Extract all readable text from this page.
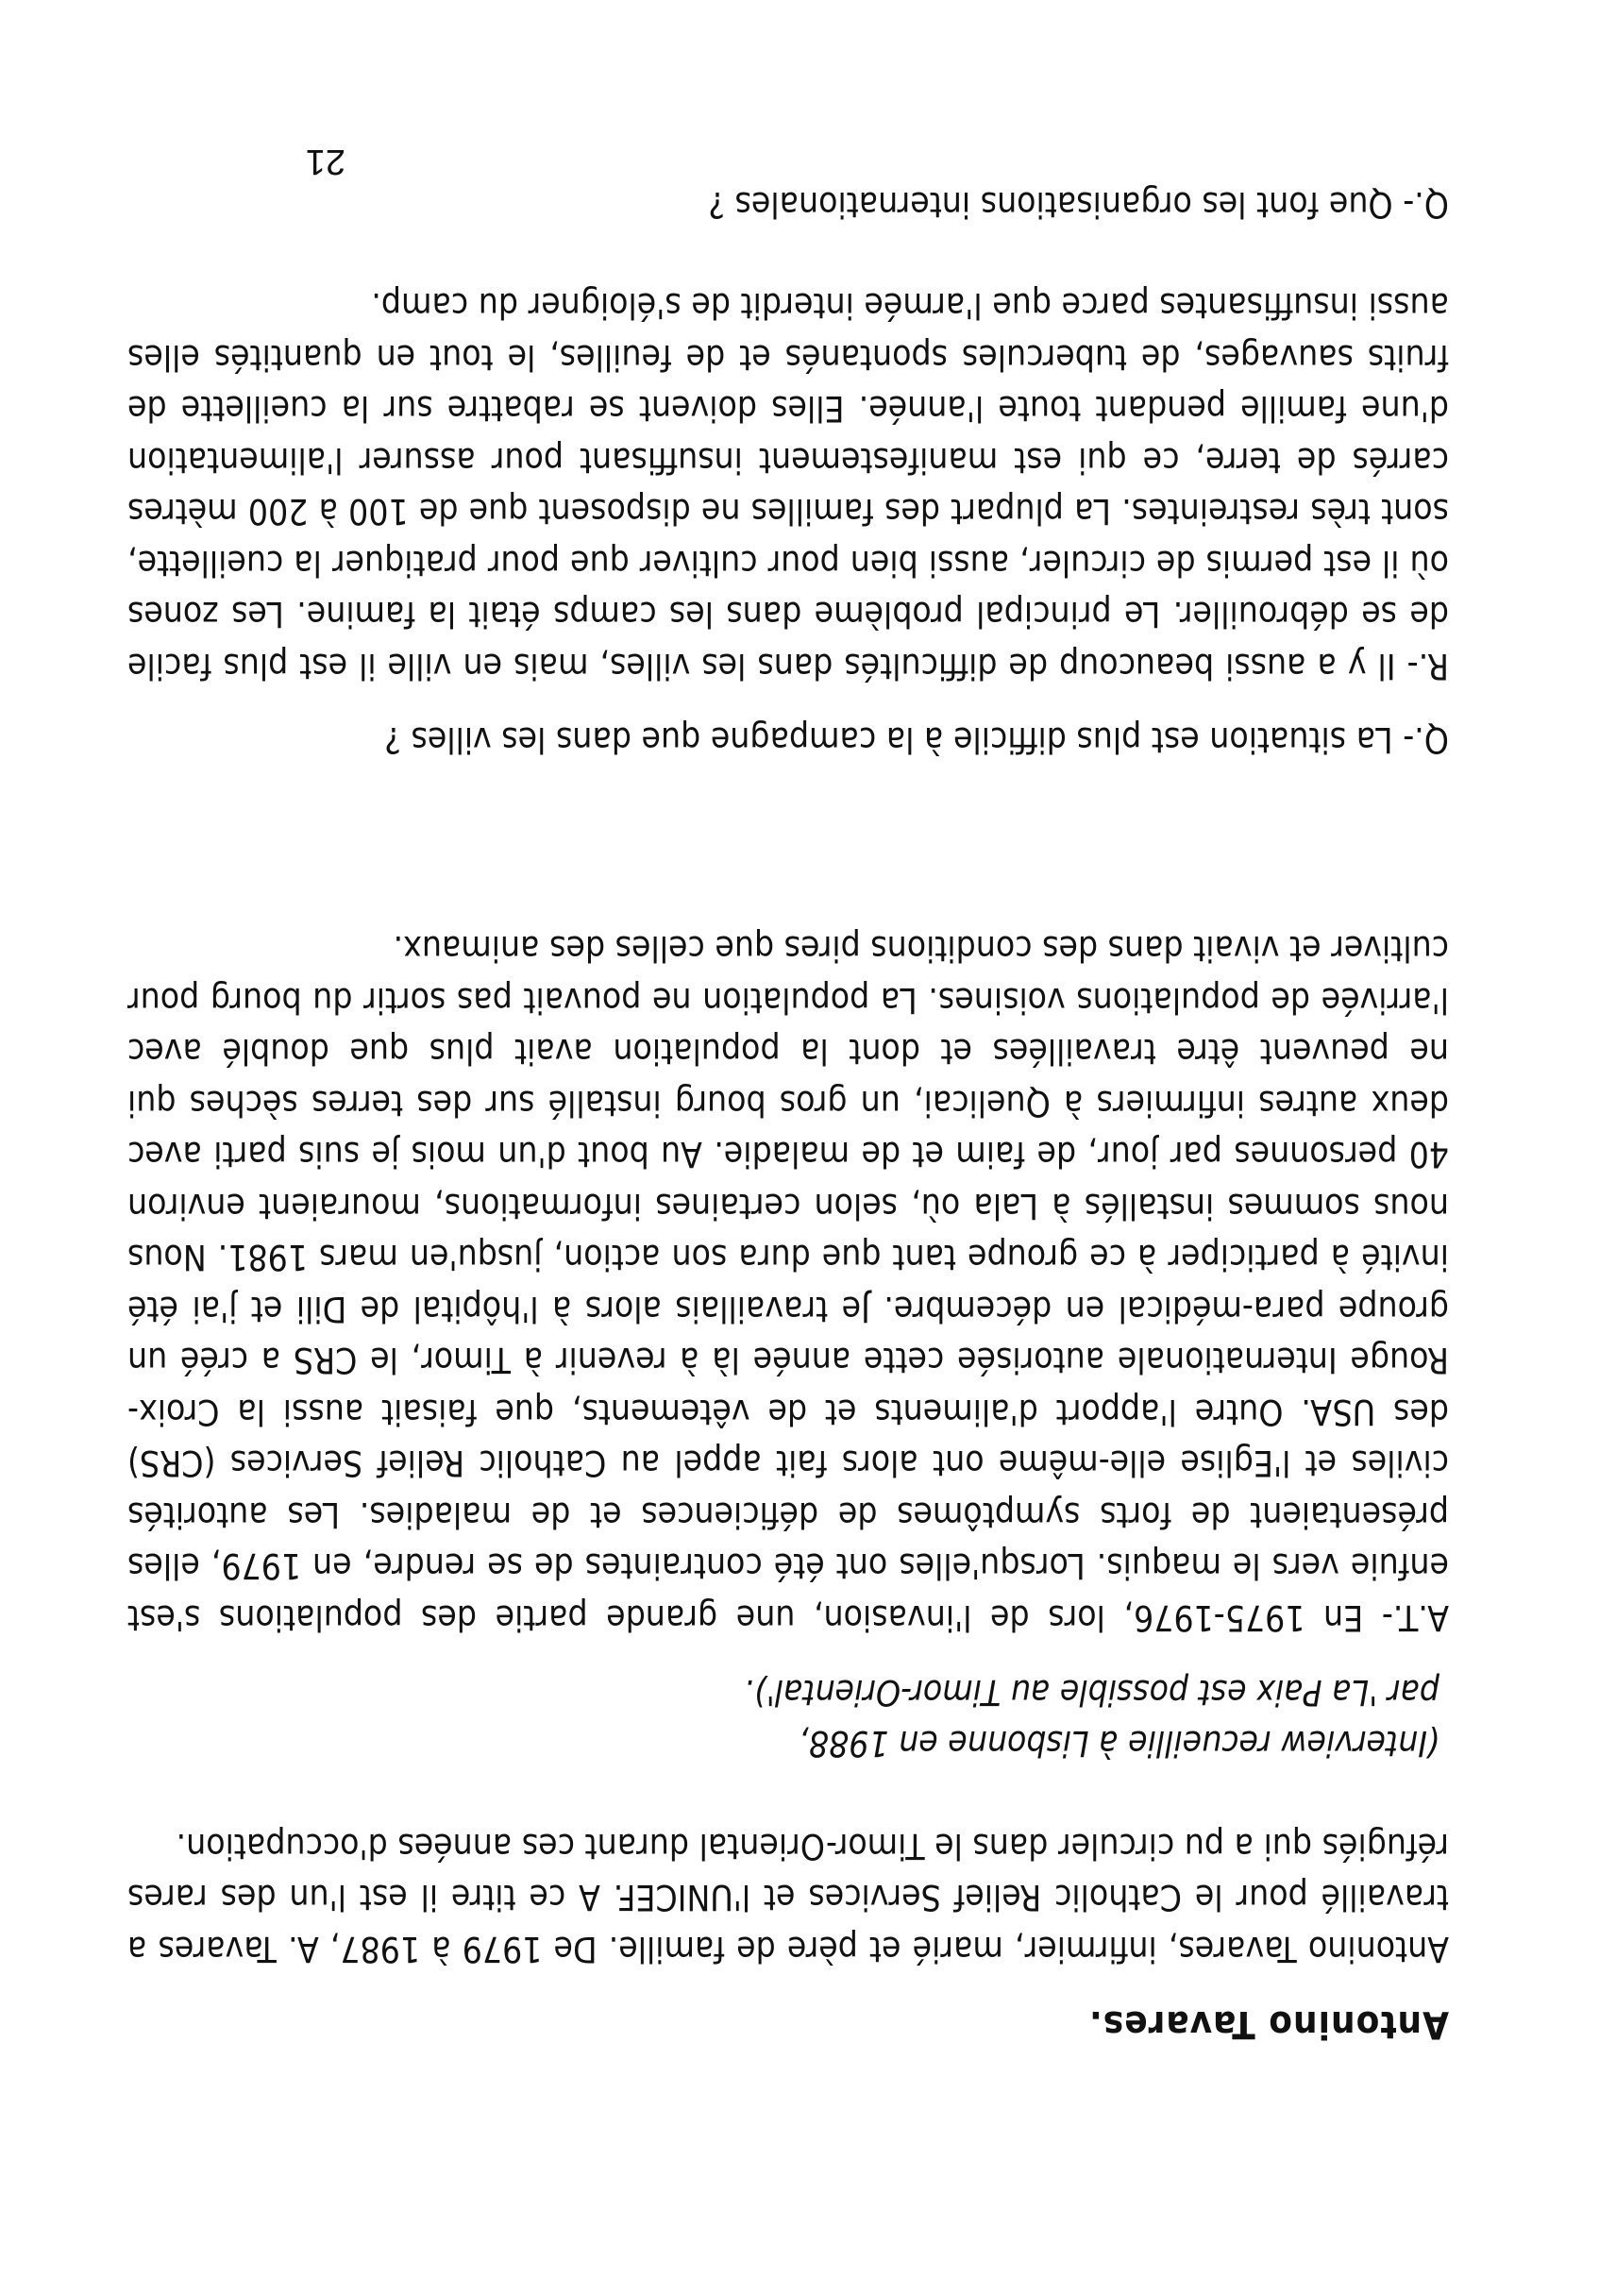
Antonino Tavares.
Antonino Tavares, infirmier, marié et père de famille. De 1979 à 1987, A. Tavares a travaillé pour le Catholic Relief Services et l'UNICEF. A ce titre il est l'un des rares réfugiés qui a pu circuler dans le Timor-Oriental durant ces années d'occupation.
(Interview recueillie à Lisbonne en 1988,
par 'La Paix est possible au Timor-Oriental').
A.T.- En 1975-1976, lors de l'invasion, une grande partie des populations s'est enfuie vers le maquis. Lorsqu'elles ont été contraintes de se rendre, en 1979, elles présentaient de forts symptômes de déficiences et de maladies. Les autorités civiles et l'Eglise elle-même ont alors fait appel au Catholic Relief Services (CRS) des USA. Outre l'apport d'aliments et de vêtements, que faisait aussi la Croix-Rouge Internationale autorisée cette année là à revenir à Timor, le CRS a créé un groupe para-médical en décembre. Je travaillais alors à l'hôpital de Dili et j'ai été invité à participer à ce groupe tant que dura son action, jusqu'en mars 1981. Nous nous sommes installés à Lala où, selon certaines informations, mouraient environ 40 personnes par jour, de faim et de maladie. Au bout d'un mois je suis parti avec deux autres infirmiers à Quelicai, un gros bourg installé sur des terres sèches qui ne peuvent être travaillées et dont la population avait plus que doublé avec l'arrivée de populations voisines. La population ne pouvait pas sortir du bourg pour cultiver et vivait dans des conditions pires que celles des animaux.
Q.- La situation est plus difficile à la campagne que dans les villes ?
R.- Il y a aussi beaucoup de difficultés dans les villes, mais en ville il est plus facile de se débrouiller. Le principal problème dans les camps était la famine. Les zones où il est permis de circuler, aussi bien pour cultiver que pour pratiquer la cueillette, sont très restreintes. La plupart des familles ne disposent que de 100 à 200 mètres carrés de terre, ce qui est manifestement insuffisant pour assurer l'alimentation d'une famille pendant toute l'année. Elles doivent se rabattre sur la cueillette de fruits sauvages, de tubercules spontanés et de feuilles, le tout en quantités elles aussi insuffisantes parce que l'armée interdit de s'éloigner du camp.
Q.- Que font les organisations internationales ?
21
